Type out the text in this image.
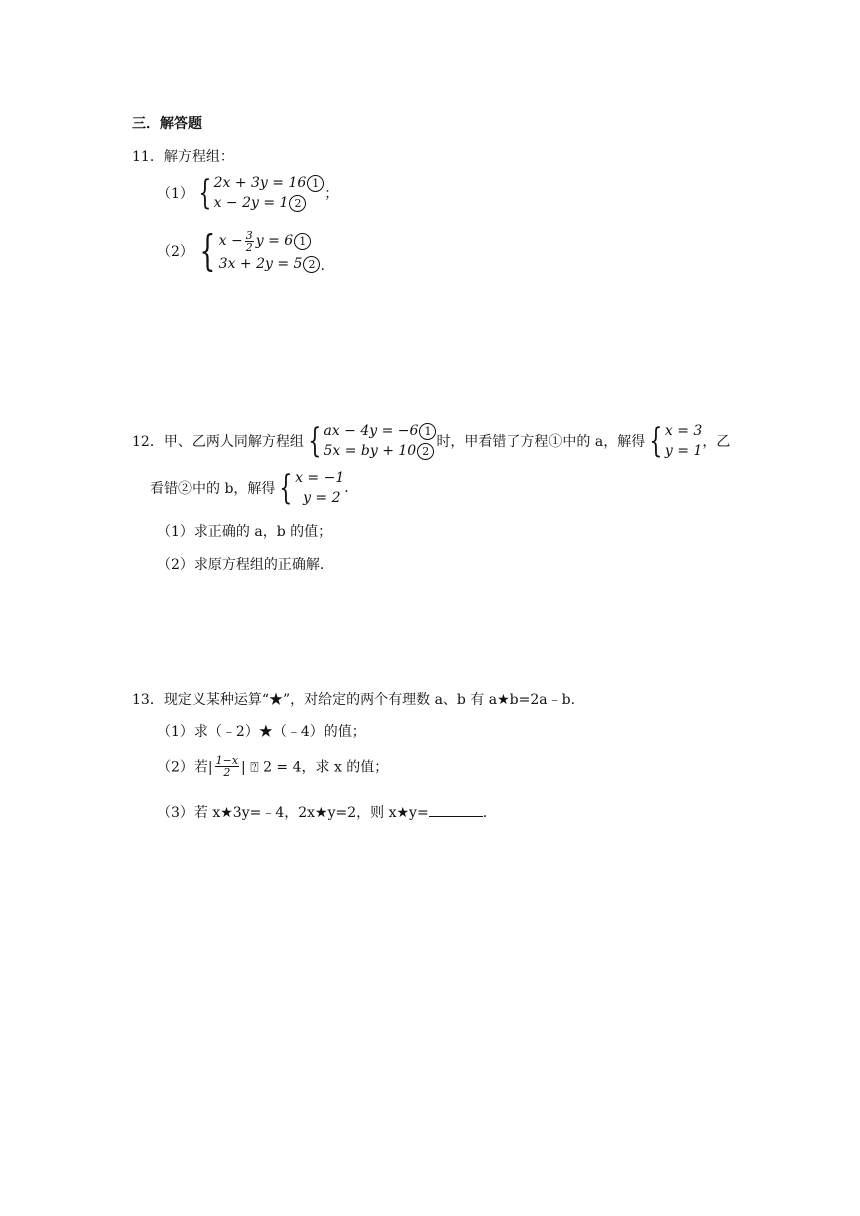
三．解答题
11．解方程组：
（1） { 2x + 3y = 16 1
x − 2y = 1 2
；
（2） { $x - \frac{3}{2}$ y = 6 1
3x + 2y = 5 2 .
12．甲、乙两人同解方程组 { ax − 4y = −6 1
5x = by + 10 2
时，甲看错了方程①中的 a，解得 { x = 3
y = 1
，乙
看错②中的 b，解得 { x = −1
y = 2
.
（1）求正确的 a，b 的值；
（2）求原方程组的正确解.
13．现定义某种运算“★”，对给定的两个有理数 a、b 有 a★b=2a﹣b.
（1）求（﹣2）★（﹣4）的值；
（2）若| $\frac{1-x}{2}$ | ⍰ 2 = 4，求 x 的值；
（3）若 x★3y=﹣4，2x★y=2，则 x★y=	.
